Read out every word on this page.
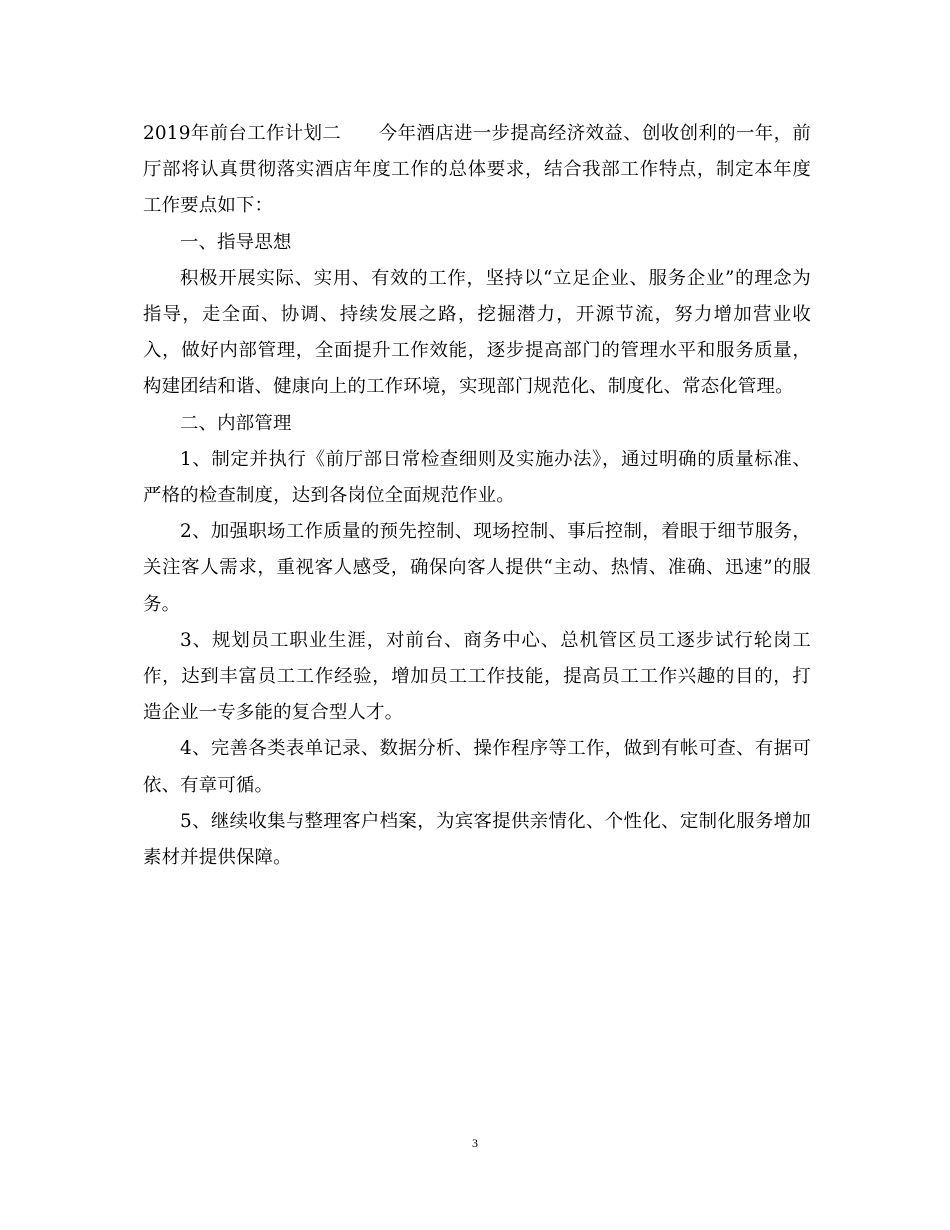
2019年前台工作计划二　　今年酒店进一步提高经济效益、创收创利的一年，前厅部将认真贯彻落实酒店年度工作的总体要求，结合我部工作特点，制定本年度工作要点如下：

一、指导思想

积极开展实际、实用、有效的工作，坚持以“立足企业、服务企业”的理念为指导，走全面、协调、持续发展之路，挖掘潜力，开源节流，努力增加营业收入，做好内部管理，全面提升工作效能，逐步提高部门的管理水平和服务质量，构建团结和谐、健康向上的工作环境，实现部门规范化、制度化、常态化管理。

二、内部管理

1、制定并执行《前厅部日常检查细则及实施办法》，通过明确的质量标准、严格的检查制度，达到各岗位全面规范作业。

2、加强职场工作质量的预先控制、现场控制、事后控制，着眼于细节服务，关注客人需求，重视客人感受，确保向客人提供“主动、热情、准确、迅速”的服务。

3、规划员工职业生涯，对前台、商务中心、总机管区员工逐步试行轮岗工作，达到丰富员工工作经验，增加员工工作技能，提高员工工作兴趣的目的，打造企业一专多能的复合型人才。

4、完善各类表单记录、数据分析、操作程序等工作，做到有帐可查、有据可依、有章可循。

5、继续收集与整理客户档案，为宾客提供亲情化、个性化、定制化服务增加素材并提供保障。

3
